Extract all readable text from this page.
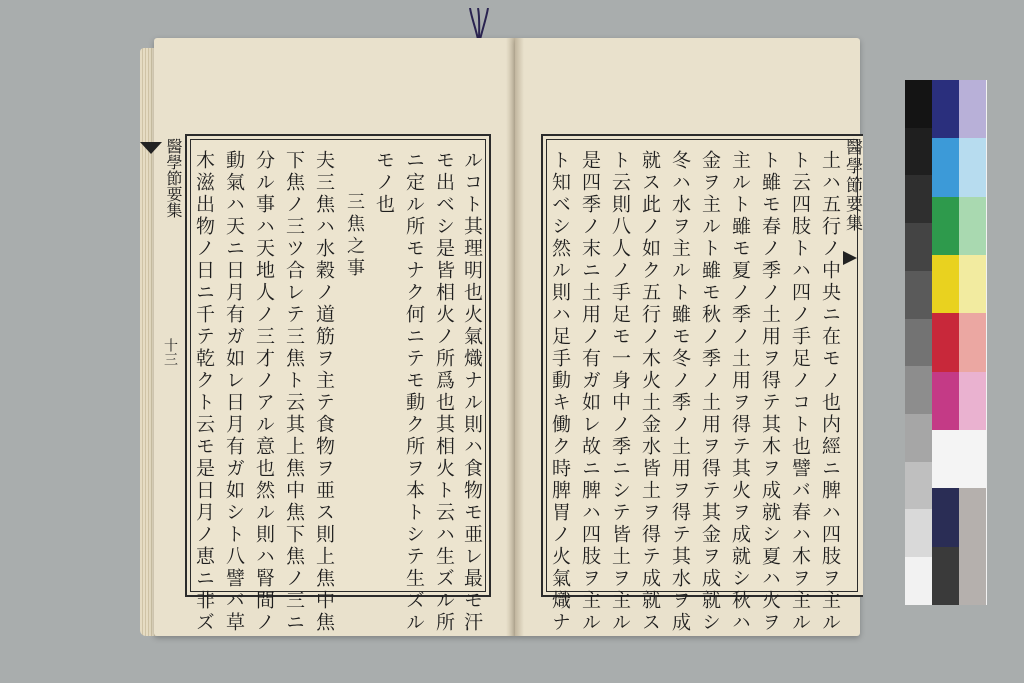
醫學節要集
十三 木滋出物ノ日ニ千テ乾クト云モ是日月ノ恵ニ非ズ 動氣ハ天ニ日月有ガ如レ日月有ガ如シト八譬バ草 分ル事ハ天地人ノ三才ノアル意也然ル則ハ腎間ノ 下焦ノ三ツ合レテ三焦ト云其上焦中焦下焦ノ三ニ 夫三焦ハ水穀ノ道筋ヲ主テ食物ヲ亜ス則上焦中焦 三焦之事
モノ也 ニ定ル所モナク何ニテモ動ク所ヲ本トシテ生ズル モ出ベシ是皆相火ノ所爲也其相火ト云ハ生ズル所 ルコト其理明也火氣熾ナル則ハ食物モ亜レ最モ汗	ト知ベシ然ル則ハ足手動キ働ク時脾胃ノ火氣熾ナ 是四季ノ末ニ土用ノ有ガ如レ故ニ脾ハ四肢ヲ主ル ト云則八人ノ手足モ一身中ノ季ニシテ皆土ヲ主ル 就ス此ノ如ク五行ノ木火土金水皆土ヲ得テ成就ス 冬ハ水ヲ主ルト雖モ冬ノ季ノ土用ヲ得テ其水ヲ成 金ヲ主ルト雖モ秋ノ季ノ土用ヲ得テ其金ヲ成就シ 主ルト雖モ夏ノ季ノ土用ヲ得テ其火ヲ成就シ秋ハ ト雖モ春ノ季ノ土用ヲ得テ其木ヲ成就シ夏ハ火ヲ ト云四肢トハ四ノ手足ノコト也譬バ春ハ木ヲ主ル 土ハ五行ノ中央ニ在モノ也内經ニ脾ハ四肢ヲ主ル 醫學節要集
